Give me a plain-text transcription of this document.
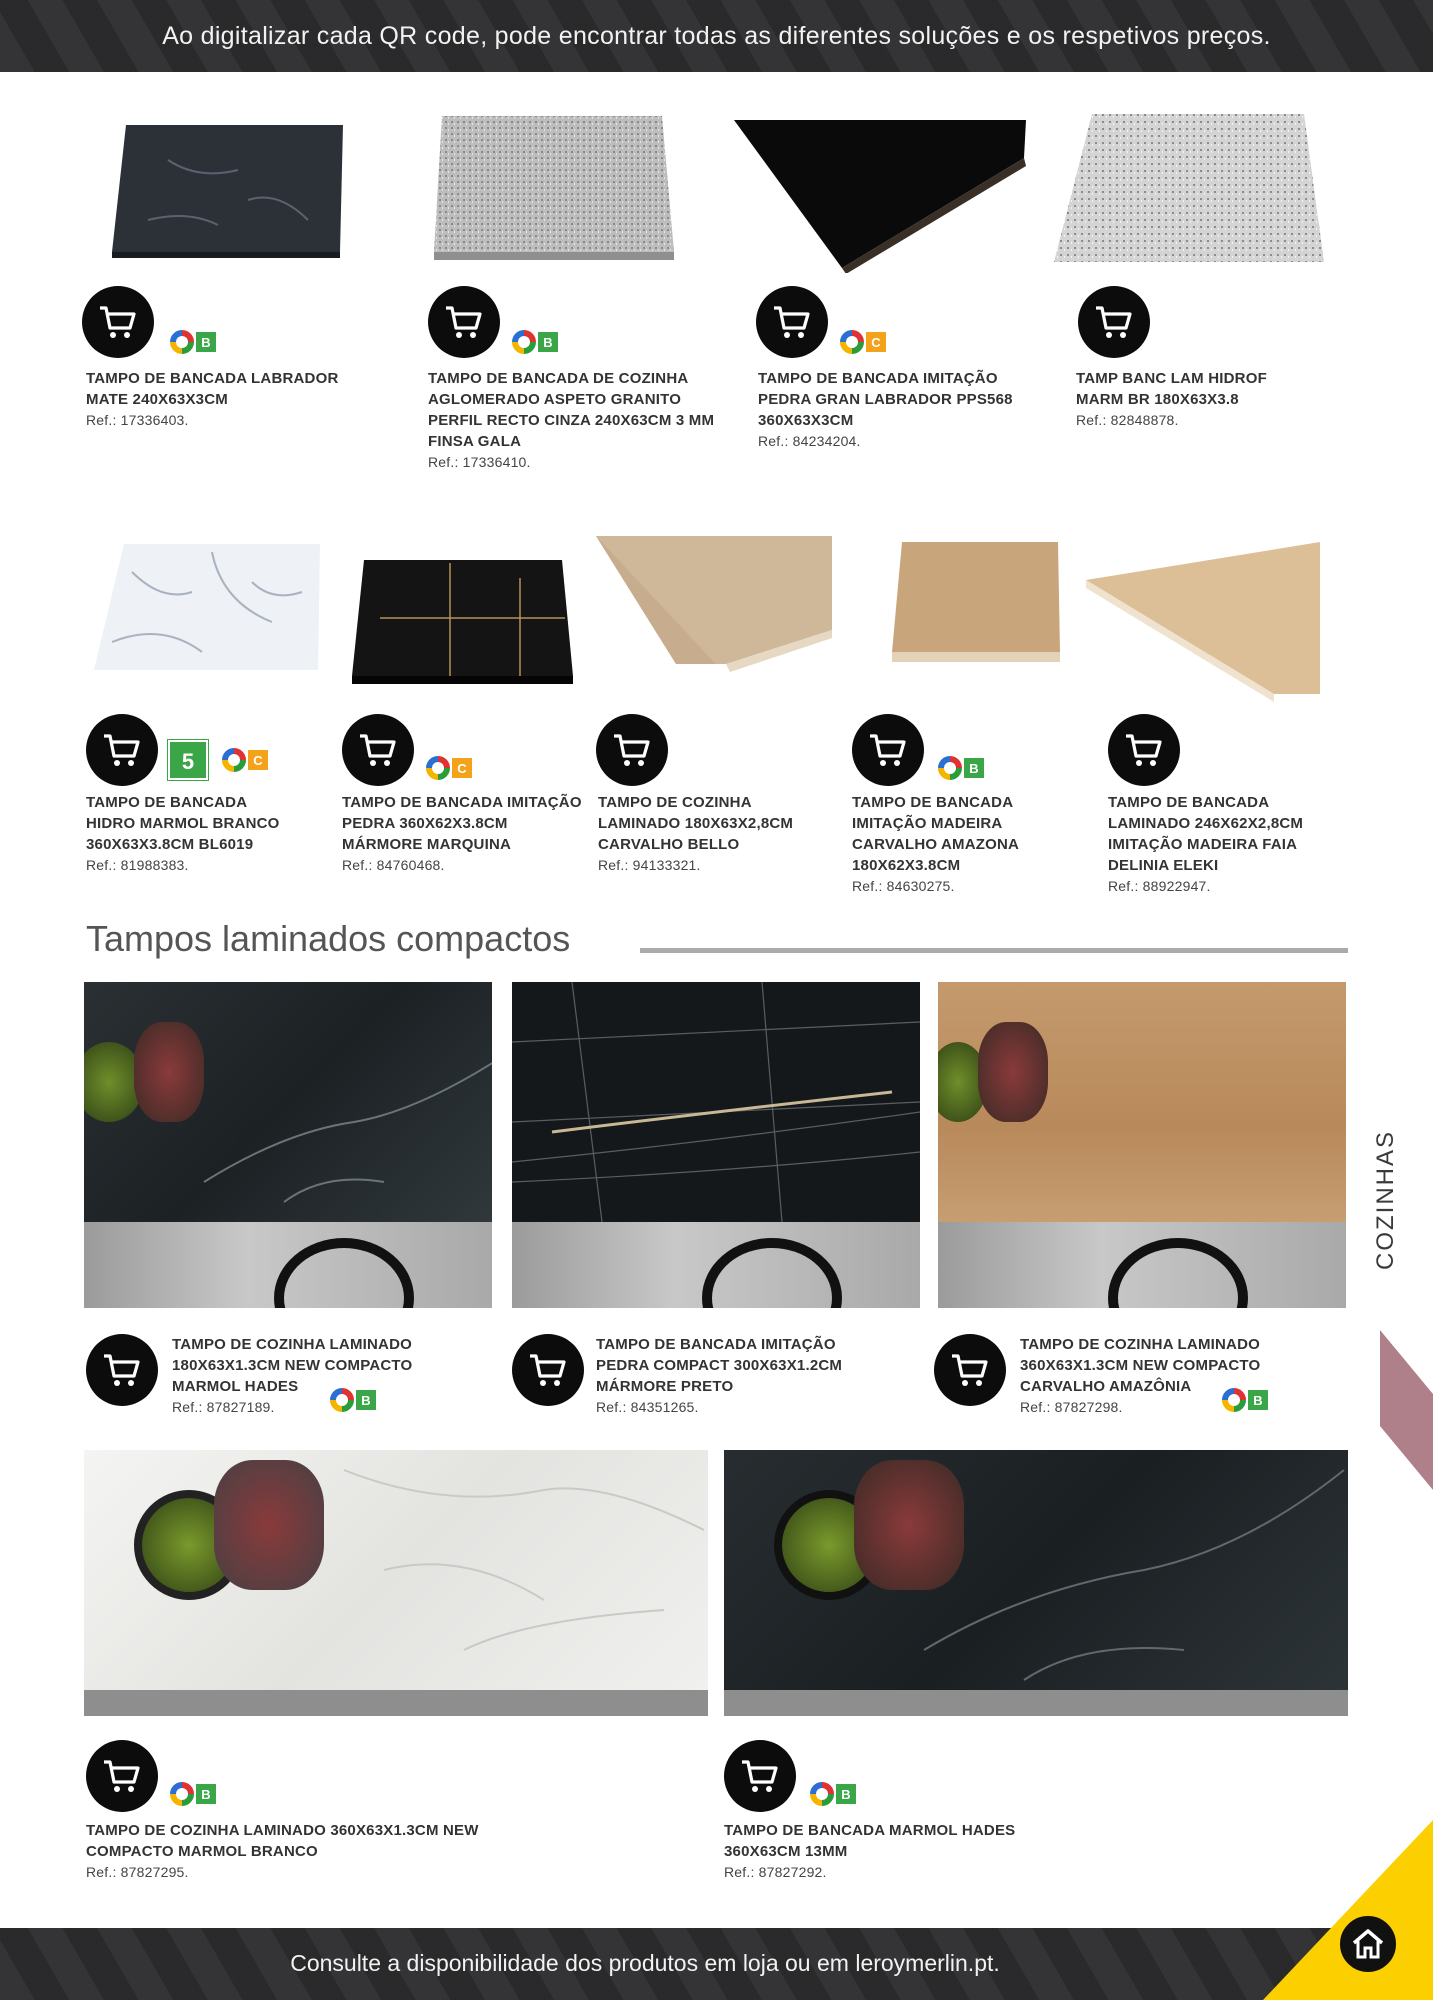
Ao digitalizar cada QR code, pode encontrar todas as diferentes soluções e os respetivos preços.

Consulte a disponibilidade dos produtos em loja ou em leroymerlin.pt.

COZINHAS
B
TAMPO DE BANCADA LABRADOR MATE 240X63X3CM
Ref.: 17336403.
B
TAMPO DE BANCADA DE COZINHA AGLOMERADO ASPETO GRANITO PERFIL RECTO CINZA 240X63CM 3 MM FINSA GALA
Ref.: 17336410.
C
TAMPO DE BANCADA IMITAÇÃO PEDRA GRAN LABRADOR PPS568 360X63X3CM
Ref.: 84234204.
TAMP BANC LAM HIDROF MARM BR 180X63X3.8
Ref.: 82848878.
5	C
TAMPO DE BANCADA HIDRO MARMOL BRANCO 360X63X3.8CM BL6019
Ref.: 81988383.
C
TAMPO DE BANCADA IMITAÇÃO PEDRA 360X62X3.8CM MÁRMORE MARQUINA
Ref.: 84760468.
TAMPO DE COZINHA LAMINADO 180X63X2,8CM CARVALHO BELLO
Ref.: 94133321.
B
TAMPO DE BANCADA IMITAÇÃO MADEIRA CARVALHO AMAZONA 180X62X3.8CM
Ref.: 84630275.
TAMPO DE BANCADA LAMINADO 246X62X2,8CM IMITAÇÃO MADEIRA FAIA DELINIA ELEKI
Ref.: 88922947.
Tampos laminados compactos
TAMPO DE COZINHA LAMINADO 180X63X1.3CM NEW COMPACTO MARMOL HADES
Ref.: 87827189.	B
TAMPO DE BANCADA IMITAÇÃO PEDRA COMPACT 300X63X1.2CM MÁRMORE PRETO
Ref.: 84351265.
TAMPO DE COZINHA LAMINADO 360X63X1.3CM NEW COMPACTO CARVALHO AMAZÔNIA
Ref.: 87827298.	B
B
TAMPO DE COZINHA LAMINADO 360X63X1.3CM NEW COMPACTO MARMOL BRANCO
Ref.: 87827295.
B
TAMPO DE BANCADA MARMOL HADES 360X63CM 13MM
Ref.: 87827292.
